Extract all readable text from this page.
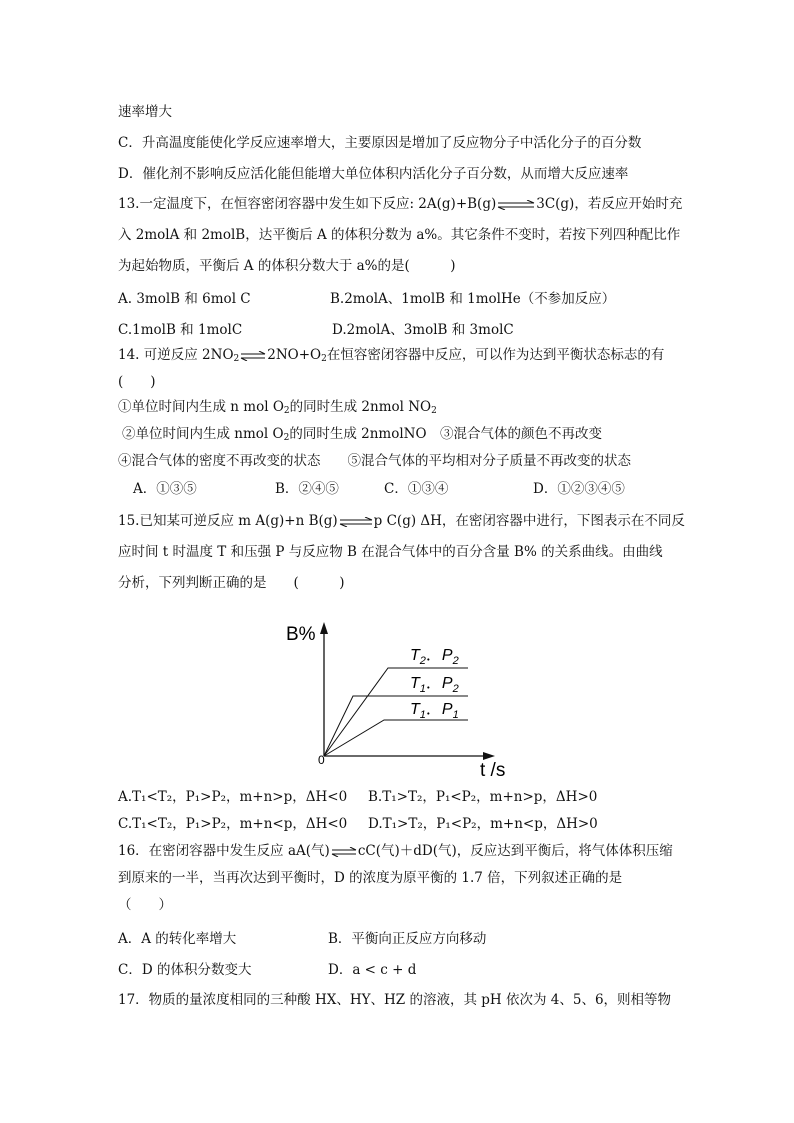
速率增大
C．升高温度能使化学反应速率增大，主要原因是增加了反应物分子中活化分子的百分数
D．催化剂不影响反应活化能但能增大单位体积内活化分子百分数，从而增大反应速率
13.一定温度下，在恒容密闭容器中发生如下反应: 2A(g)+B(g)⇌3C(g)，若反应开始时充
入 2molA 和 2molB，达平衡后 A 的体积分数为 a%。其它条件不变时，若按下列四种配比作
为起始物质，平衡后 A 的体积分数大于 a%的是(　　　)
A. 3molB 和 6mol C	B.2molA、1molB 和 1molHe（不参加反应）
C.1molB 和 1molC	D.2molA、3molB 和 3molC
14. 可逆反应 $2NO_2\rightleftharpoons 2NO+O_2$在恒容密闭容器中反应，可以作为达到平衡状态标志的有
(　　)
①单位时间内生成 n mol $O_2$的同时生成 2nmol $NO_2$
②单位时间内生成 nmol $O_2$的同时生成 2nmolNO　③混合气体的颜色不再改变
④混合气体的密度不再改变的状态　　⑤混合气体的平均相对分子质量不再改变的状态
A．①③⑤	B．②④⑤	C．①③④	D．①②③④⑤
15.已知某可逆反应 m A(g)+n B(g)⇌p C(g) ΔH，在密闭容器中进行，下图表示在不同反
应时间 t 时温度 T 和压强 P 与反应物 B 在混合气体中的百分含量 B% 的关系曲线。由曲线
分析，下列判断正确的是　　(　　　)
B%
t /s
0
$T_2$．$P_2$
$T_1$．$P_2$
$T_1$．$P_1$
A.T₁<T₂，P₁>P₂，m+n>p，ΔH<0 B.T₁>T₂，P₁<P₂，m+n>p，ΔH>0
C.T₁<T₂，P₁>P₂，m+n<p，ΔH<0 D.T₁>T₂，P₁<P₂，m+n<p，ΔH>0
16．在密闭容器中发生反应 aA(气)⇌cC(气)＋dD(气)，反应达到平衡后，将气体体积压缩
到原来的一半，当再次达到平衡时，D 的浓度为原平衡的 1.7 倍，下列叙述正确的是
（　　）
A．A 的转化率增大	B．平衡向正反应方向移动
C．D 的体积分数变大	D．a < c + d
17．物质的量浓度相同的三种酸 HX、HY、HZ 的溶液，其 pH 依次为 4、5、6，则相等物
